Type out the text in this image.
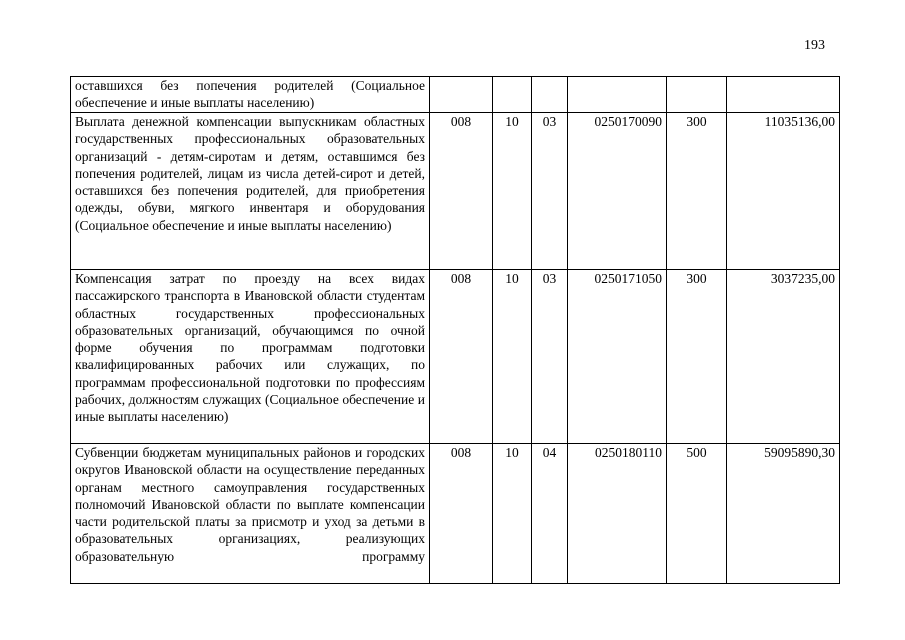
193
оставшихся без попечения родителей (Социальное обеспечение и иные выплаты населению)						
Выплата денежной компенсации выпускникам областных государственных профессиональных образовательных организаций - детям-сиротам и детям, оставшимся без попечения родителей, лицам из числа детей-сирот и детей, оставшихся без попечения родителей, для приобретения одежды, обуви, мягкого инвентаря и оборудования (Социальное обеспечение и иные выплаты населению)	008	10	03	0250170090	300	11035136,00
Компенсация затрат по проезду на всех видах пассажирского транспорта в Ивановской области студентам областных государственных профессиональных образовательных организаций, обучающимся по очной форме обучения по программам подготовки квалифицированных рабочих или служащих, по программам профессиональной подготовки по профессиям рабочих, должностям служащих (Социальное обеспечение и иные выплаты населению)	008	10	03	0250171050	300	3037235,00
Субвенции бюджетам муниципальных районов и городских округов Ивановской области на осуществление переданных органам местного самоуправления государственных полномочий Ивановской области по выплате компенсации части родительской платы за присмотр и уход за детьми в образовательных организациях, реализующих образовательную программу	008	10	04	0250180110	500	59095890,30
